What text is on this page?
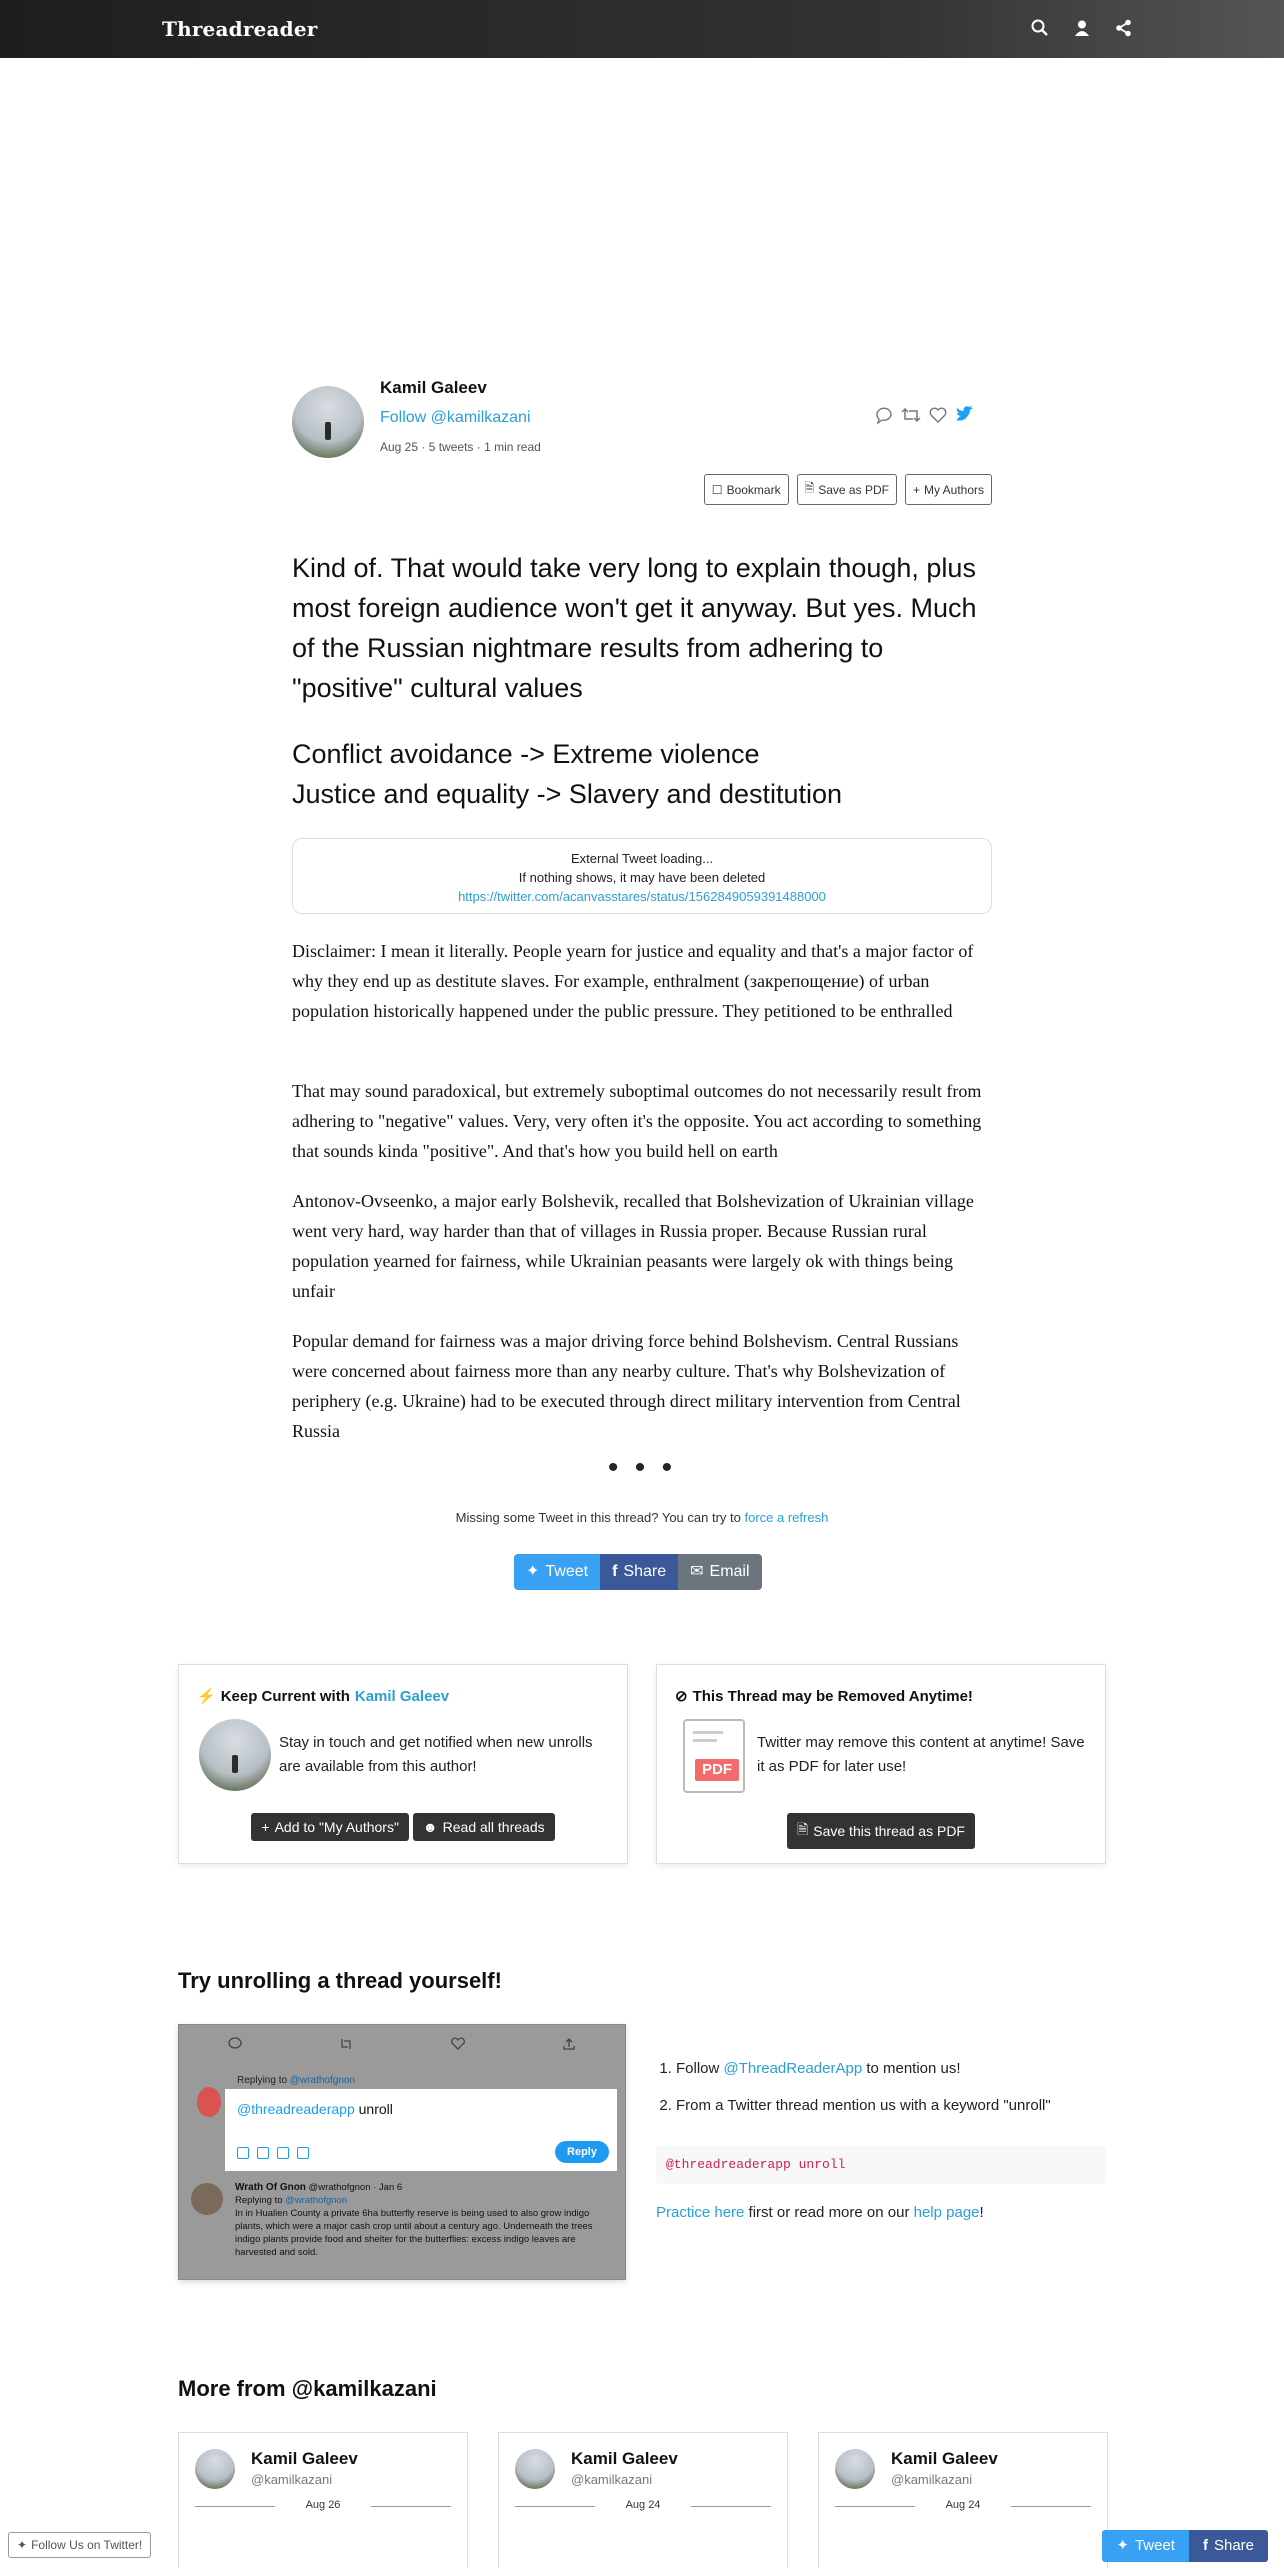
Threadreader
Kamil Galeev
Follow @kamilkazani
Aug 25 · 5 tweets · 1 min read
☐ Bookmark 🗎 Save as PDF + My Authors

Kind of. That would take very long to explain though, plus most foreign audience won't get it anyway. But yes. Much of the Russian nightmare results from adhering to "positive" cultural values

Conflict avoidance -> Extreme violence
Justice and equality -> Slavery and destitution
External Tweet loading...
If nothing shows, it may have been deleted
https://twitter.com/acanvasstares/status/1562849059391488000

Disclaimer: I mean it literally. People yearn for justice and equality and that's a major factor of why they end up as destitute slaves. For example, enthralment (закрепощение) of urban population historically happened under the public pressure. They petitioned to be enthralled

That may sound paradoxical, but extremely suboptimal outcomes do not necessarily result from adhering to "negative" values. Very, very often it's the opposite. You act according to something that sounds kinda "positive". And that's how you build hell on earth

Antonov-Ovseenko, a major early Bolshevik, recalled that Bolshevization of Ukrainian village went very hard, way harder than that of villages in Russia proper. Because Russian rural population yearned for fairness, while Ukrainian peasants were largely ok with things being unfair

Popular demand for fairness was a major driving force behind Bolshevism. Central Russians were concerned about fairness more than any nearby culture. That's why Bolshevization of periphery (e.g. Ukraine) had to be executed through direct military intervention from Central Russia

• • •
Missing some Tweet in this thread? You can try to force a refresh
✦ Tweet f Share ✉ Email
⚡ Keep Current with Kamil Galeev
Stay in touch and get notified when new unrolls are available from this author!
+ Add to "My Authors" ☻ Read all threads
⊘ This Thread may be Removed Anytime!
PDF
Twitter may remove this content at anytime! Save it as PDF for later use!
🗎 Save this thread as PDF
Try unrolling a thread yourself!
Replying to @wrathofgnon
@threadreaderapp unroll
Reply
Wrath Of Gnon @wrathofgnon · Jan 6
Replying to @wrathofgnon
In in Hualien County a private 6ha butterfly reserve is being used to also grow indigo plants, which were a major cash crop until about a century ago. Underneath the trees indigo plants provide food and shelter for the butterflies: excess indigo leaves are harvested and sold.
1. Follow @ThreadReaderApp to mention us!
2. From a Twitter thread mention us with a keyword "unroll"
@threadreaderapp unroll
Practice here first or read more on our help page!
More from @kamilkazani
Kamil Galeev
@kamilkazani
Aug 26
Kamil Galeev
@kamilkazani
Aug 24
Kamil Galeev
@kamilkazani
Aug 24
✦ Follow Us on Twitter!	✦ Tweet f Share
